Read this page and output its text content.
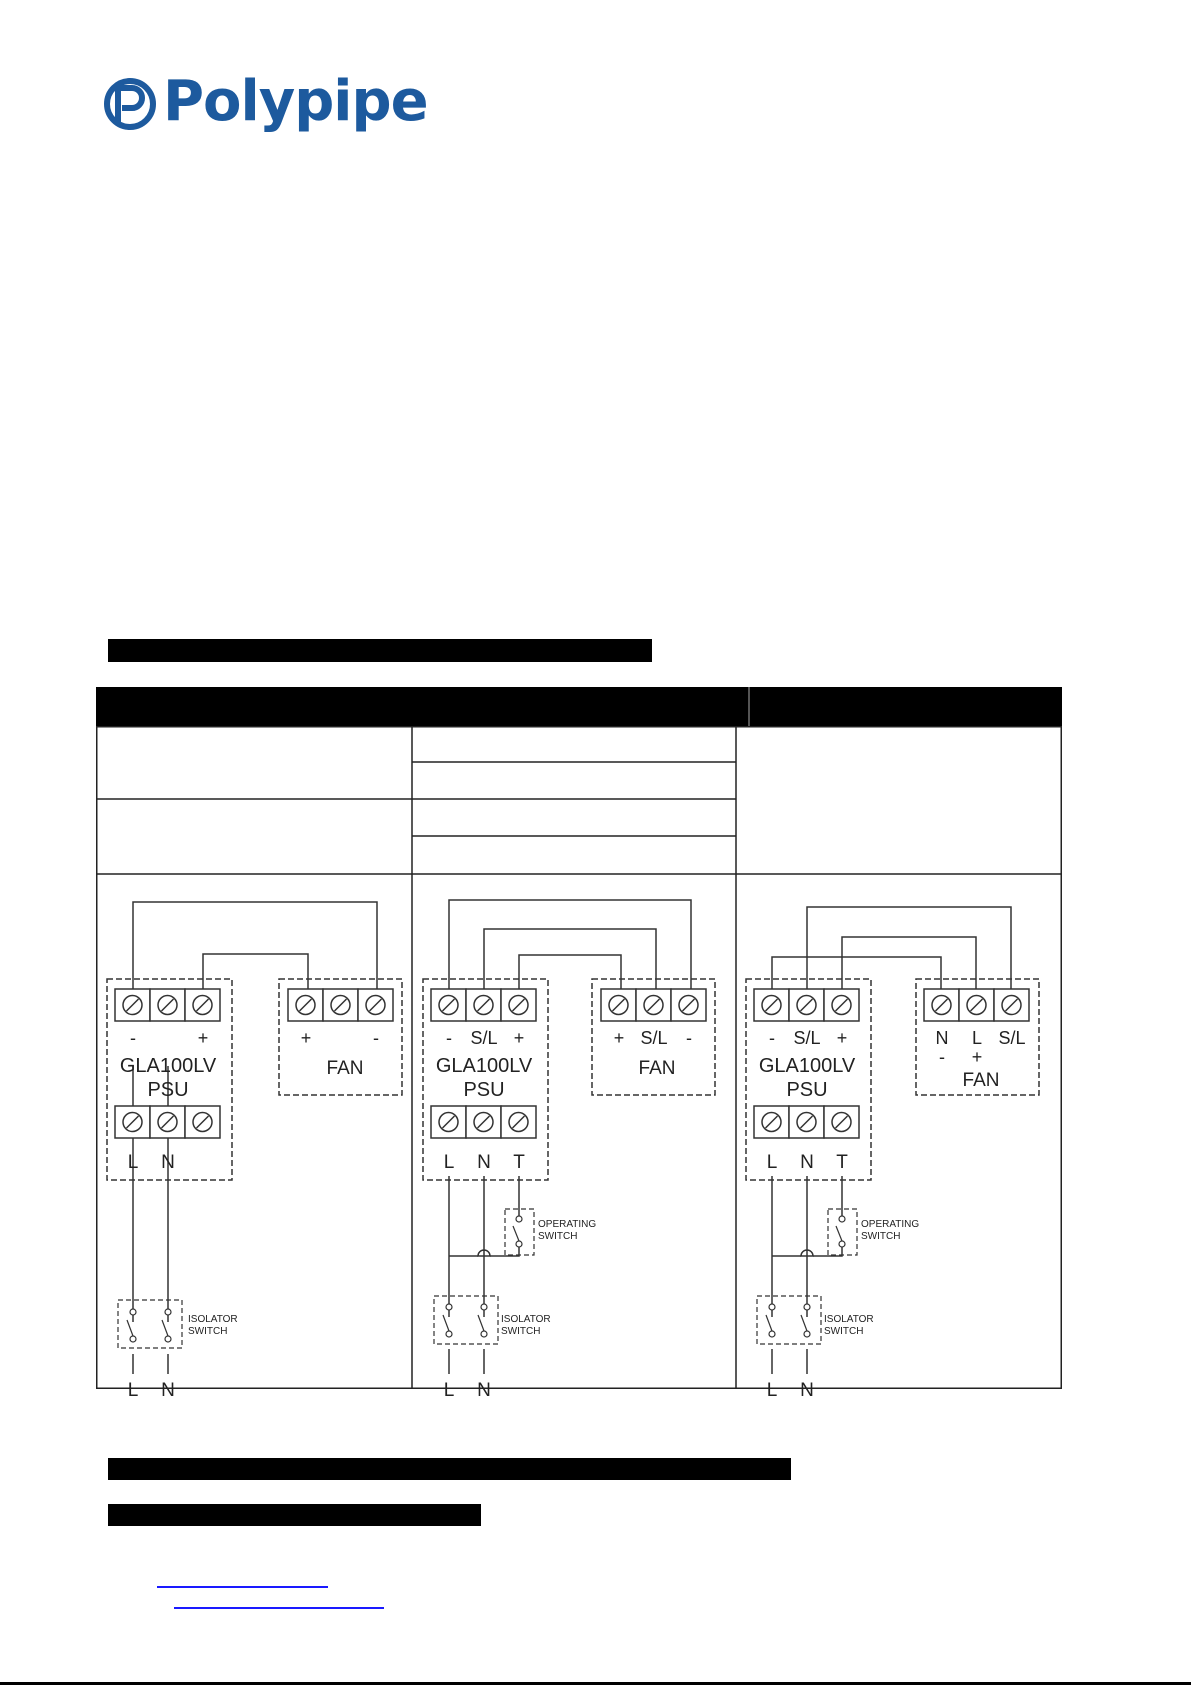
Polypipe
-	+
GLA100LV
PSU
L N
+	-
FAN
ISOLATOR
SWITCH
L N
- S/L +
GLA100LV
PSU
L N T
+ S/L -
FAN
OPERATING
SWITCH
ISOLATOR
SWITCH
L N
- S/L +
GLA100LV
PSU
L N T
N L S/L
- +
FAN
OPERATING
SWITCH
ISOLATOR
SWITCH
L N
